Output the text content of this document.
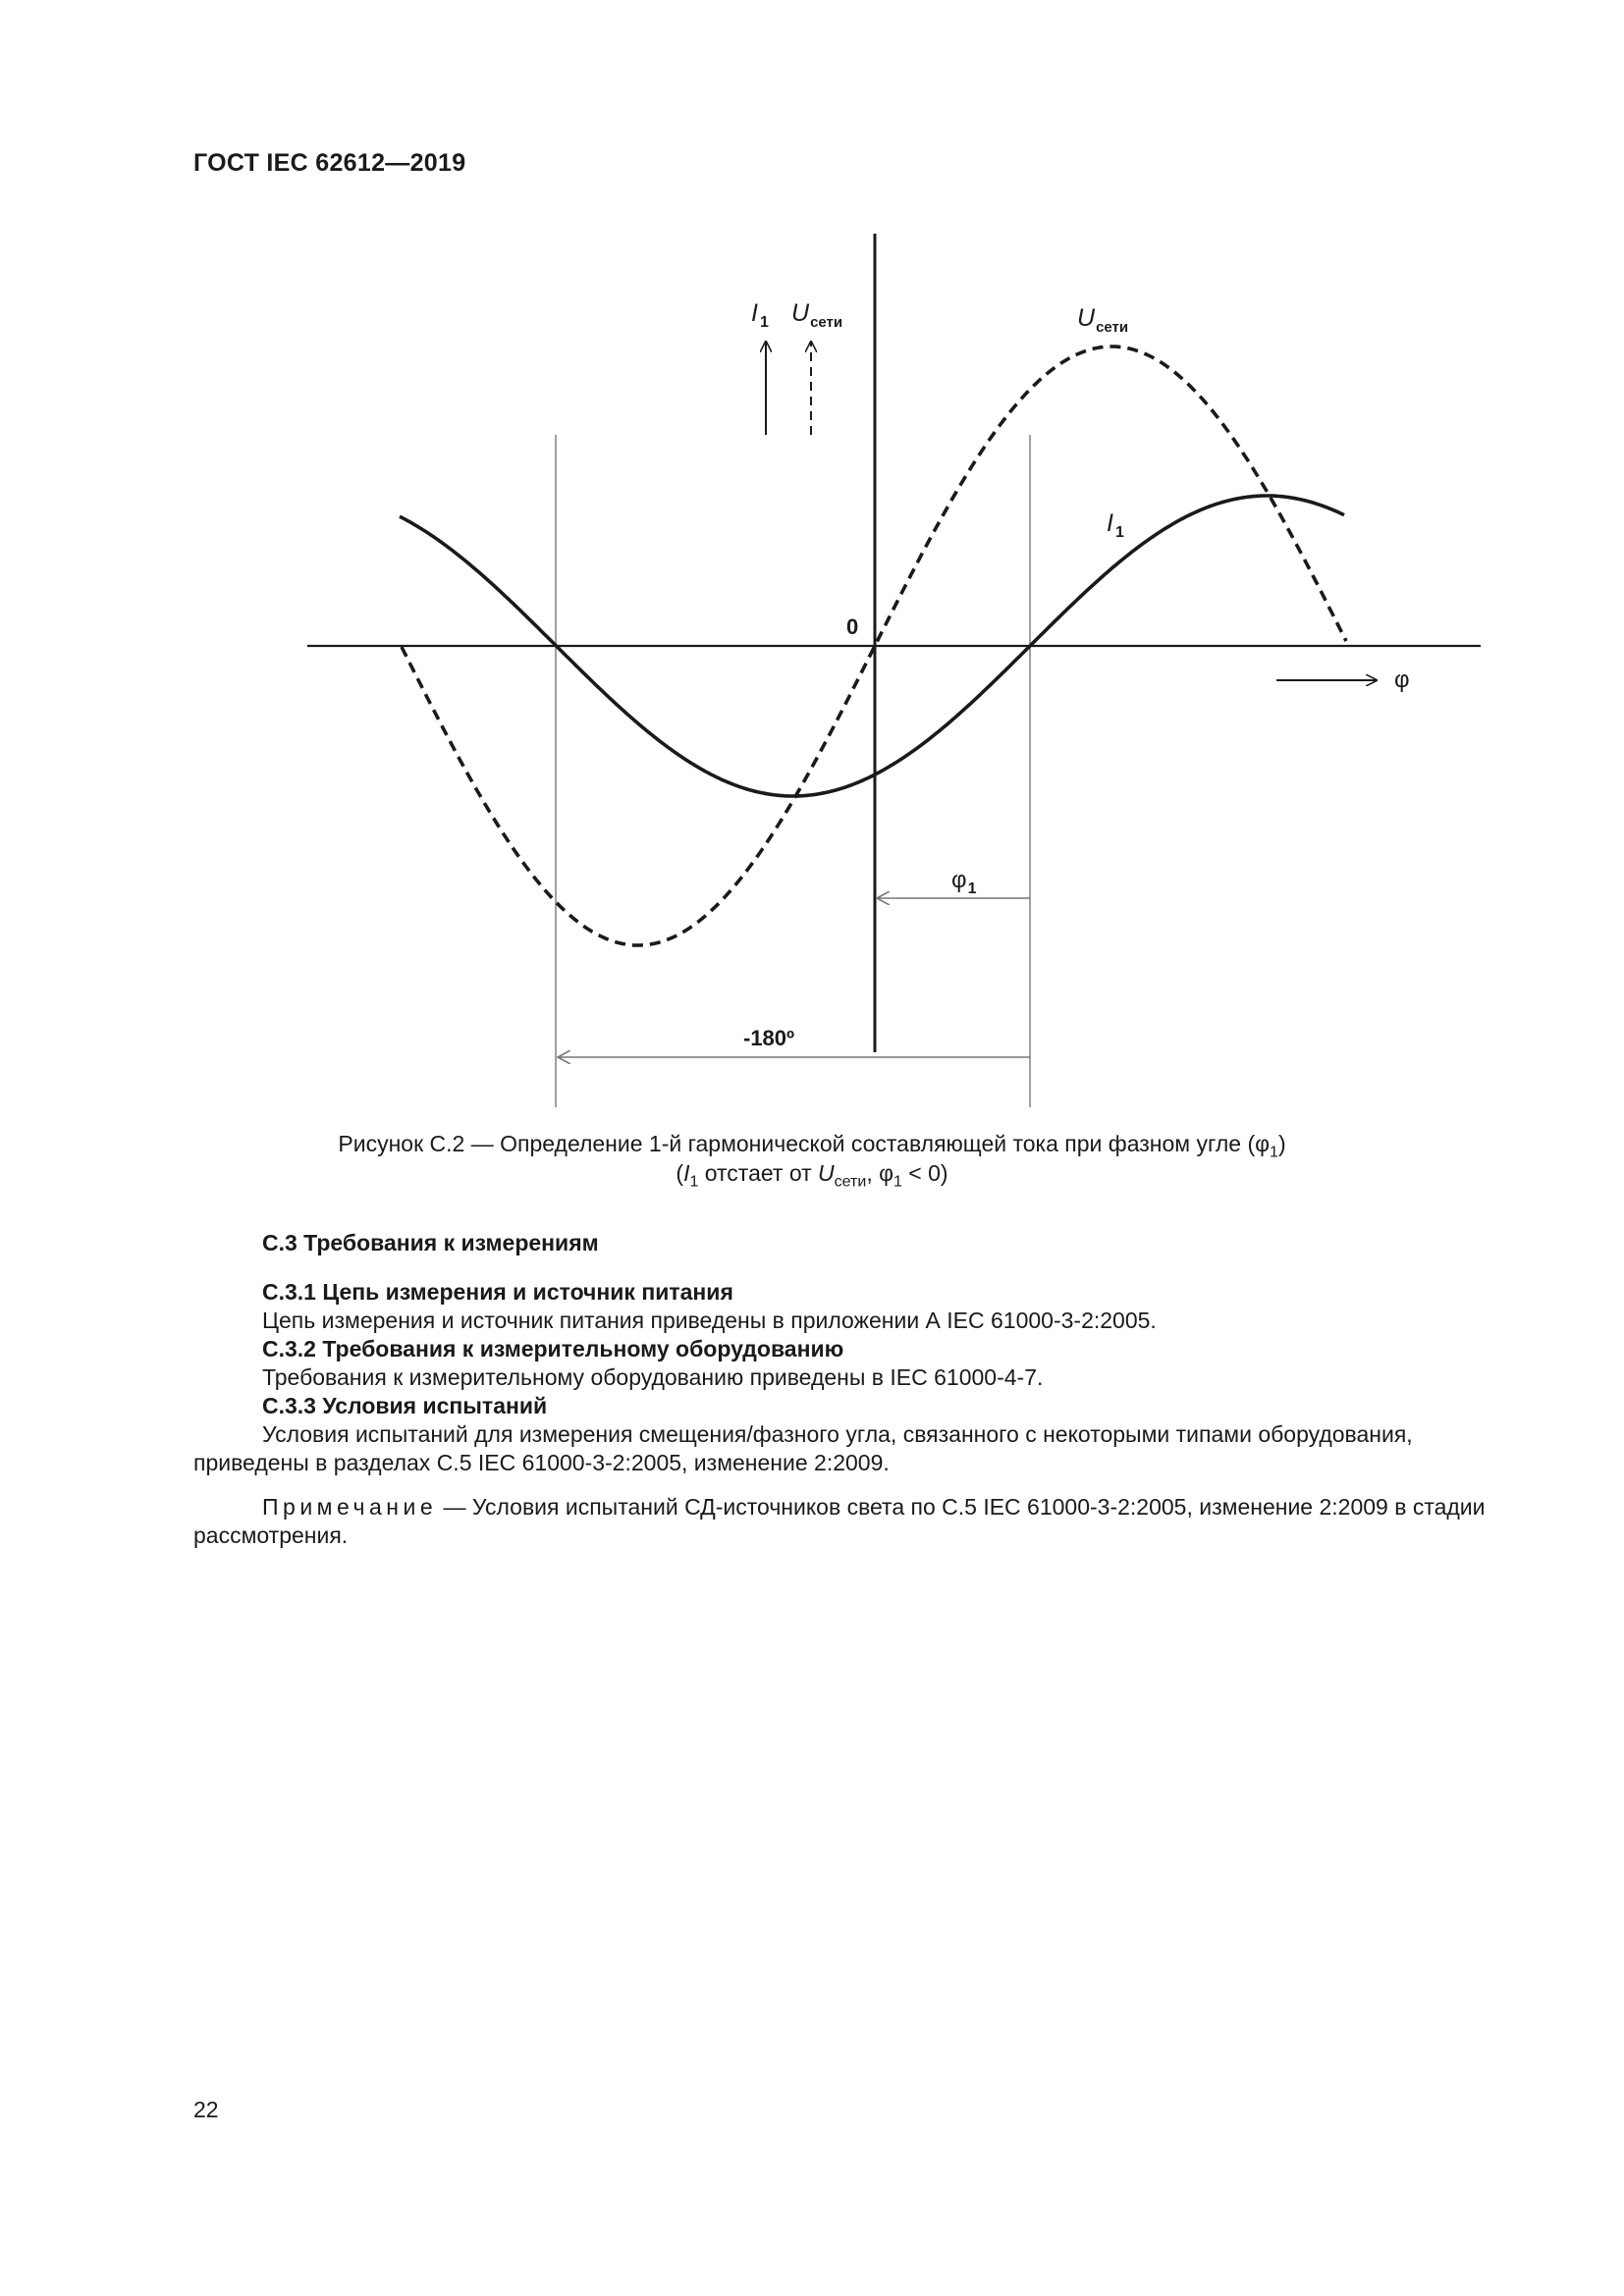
ГОСТ IEC 62612—2019
I $_1$ $U_{сети}$	$U_{сети}$
I $_1$
0
φ
$\varphi_1$
-180º
Рисунок С.2 — Определение 1-й гармонической составляющей тока при фазном угле $(\varphi_1)$
($I_1$ отстает от $U_{сети}$, $\varphi_1 < 0$)
С.3 Требования к измерениям
С.3.1 Цепь измерения и источник питания
Цепь измерения и источник питания приведены в приложении А IEC 61000-3-2:2005.
С.3.2 Требования к измерительному оборудованию
Требования к измерительному оборудованию приведены в IEC 61000-4-7.
С.3.3 Условия испытаний
Условия испытаний для измерения смещения/фазного угла, связанного с некоторыми типами оборудования, приведены в разделах С.5 IEC 61000-3-2:2005, изменение 2:2009.
Примечание — Условия испытаний СД-источников света по С.5 IEC 61000-3-2:2005, изменение 2:2009 в стадии рассмотрения.
22
